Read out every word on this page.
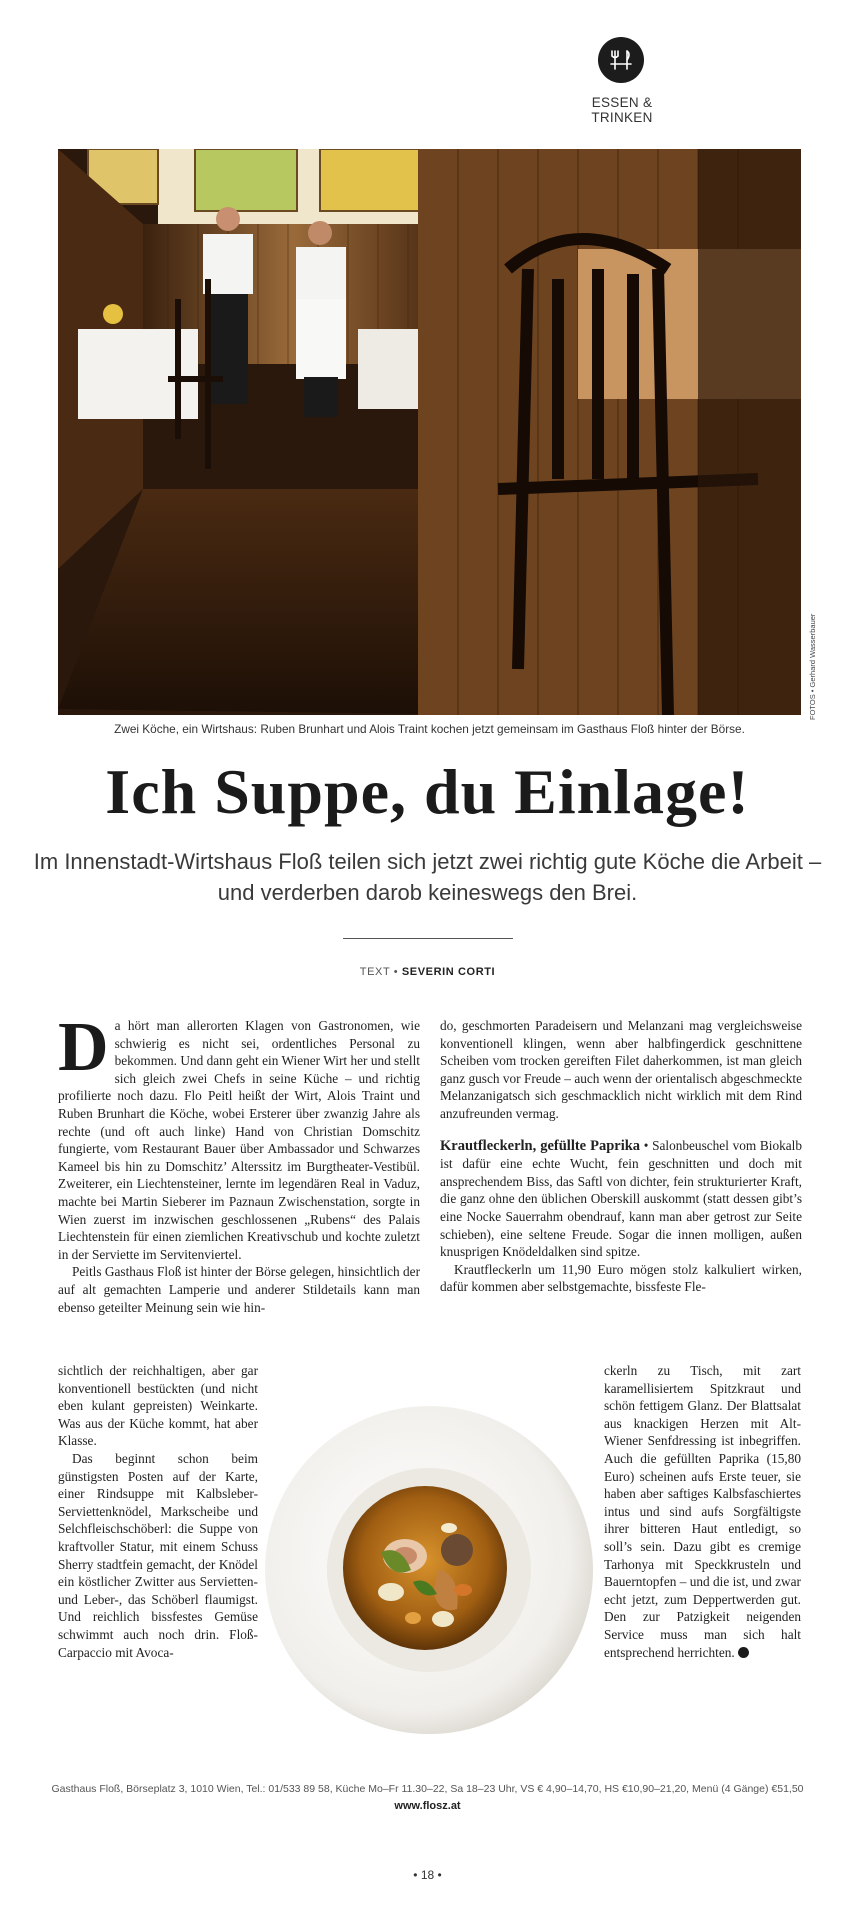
ESSEN & TRINKEN
FOTOS • Gerhard Wasserbauer
Zwei Köche, ein Wirtshaus: Ruben Brunhart und Alois Traint kochen jetzt gemeinsam im Gasthaus Floß hinter der Börse.
Ich Suppe, du Einlage!
Im Innenstadt-Wirtshaus Floß teilen sich jetzt zwei richtig gute Köche die Arbeit – und verderben darob keineswegs den Brei.
TEXT • SEVERIN CORTI
D a hört man allerorten Klagen von Gastronomen, wie schwierig es nicht sei, ordentliches Personal zu bekommen. Und dann geht ein Wiener Wirt her und stellt sich gleich zwei Chefs in seine Küche – und richtig profilierte noch dazu. Flo Peitl heißt der Wirt, Alois Traint und Ruben Brunhart die Köche, wobei Ersterer über zwanzig Jahre als rechte (und oft auch linke) Hand von Christian Domschitz fungierte, vom Restaurant Bauer über Ambassador und Schwarzes Kameel bis hin zu Domschitz’ Alterssitz im Burgtheater-Vestibül. Zweiterer, ein Liechtensteiner, lernte im legendären Real in Vaduz, machte bei Martin Sieberer im Paznaun Zwischenstation, sorgte in Wien zuerst im inzwischen geschlossenen „Rubens“ des Palais Liechtenstein für einen ziemlichen Kreativschub und kochte zuletzt in der Serviette im Servitenviertel.

Peitls Gasthaus Floß ist hinter der Börse gelegen, hinsichtlich der auf alt gemachten Lamperie und anderer Stildetails kann man ebenso geteilter Meinung sein wie hin-

sichtlich der reichhaltigen, aber gar konventionell bestückten (und nicht eben kulant gepreisten) Weinkarte. Was aus der Küche kommt, hat aber Klasse.

Das beginnt schon beim günstigsten Posten auf der Karte, einer Rindsuppe mit Kalbsleber-Serviettenknödel, Markscheibe und Selchfleischschöberl: die Suppe von kraftvoller Statur, mit einem Schuss Sherry stadtfein gemacht, der Knödel ein köstlicher Zwitter aus Servietten- und Leber-, das Schöberl flaumigst. Und reichlich bissfestes Gemüse schwimmt auch noch drin. Floß-Carpaccio mit Avoca-

do, geschmorten Paradeisern und Melanzani mag vergleichsweise konventionell klingen, wenn aber halbfingerdick geschnittene Scheiben vom trocken gereiften Filet daherkommen, ist man gleich ganz gusch vor Freude – auch wenn der orientalisch abgeschmeckte Melanzanigatsch sich geschmacklich nicht wirklich mit dem Rind anzufreunden vermag.

Krautfleckerln, gefüllte Paprika • Salonbeuschel vom Biokalb ist dafür eine echte Wucht, fein geschnitten und doch mit ansprechendem Biss, das Saftl von dichter, fein strukturierter Kraft, die ganz ohne den üblichen Oberskill auskommt (statt dessen gibt’s eine Nocke Sauerrahm obendrauf, kann man aber getrost zur Seite schieben), eine seltene Freude. Sogar die innen molligen, außen knusprigen Knödeldalken sind spitze.

Krautfleckerln um 11,90 Euro mögen stolz kalkuliert wirken, dafür kommen aber selbstgemachte, bissfeste Fle-

ckerln zu Tisch, mit zart karamellisiertem Spitzkraut und schön fettigem Glanz. Der Blattsalat aus knackigen Herzen mit Alt-Wiener Senfdressing ist inbegriffen. Auch die gefüllten Paprika (15,80 Euro) scheinen aufs Erste teuer, sie haben aber saftiges Kalbsfaschiertes intus und sind aufs Sorgfältigste ihrer bitteren Haut entledigt, so soll’s sein. Dazu gibt es cremige Tarhonya mit Speckkrusteln und Bauerntopfen – und die ist, und zwar echt jetzt, zum Deppertwerden gut. Den zur Patzigkeit neigenden Service muss man sich halt entsprechend herrichten.

Gasthaus Floß, Börseplatz 3, 1010 Wien, Tel.: 01/533 89 58, Küche Mo–Fr 11.30–22, Sa 18–23 Uhr, VS € 4,90–14,70, HS €10,90–21,20, Menü (4 Gänge) €51,50
www.flosz.at
• 18 •
